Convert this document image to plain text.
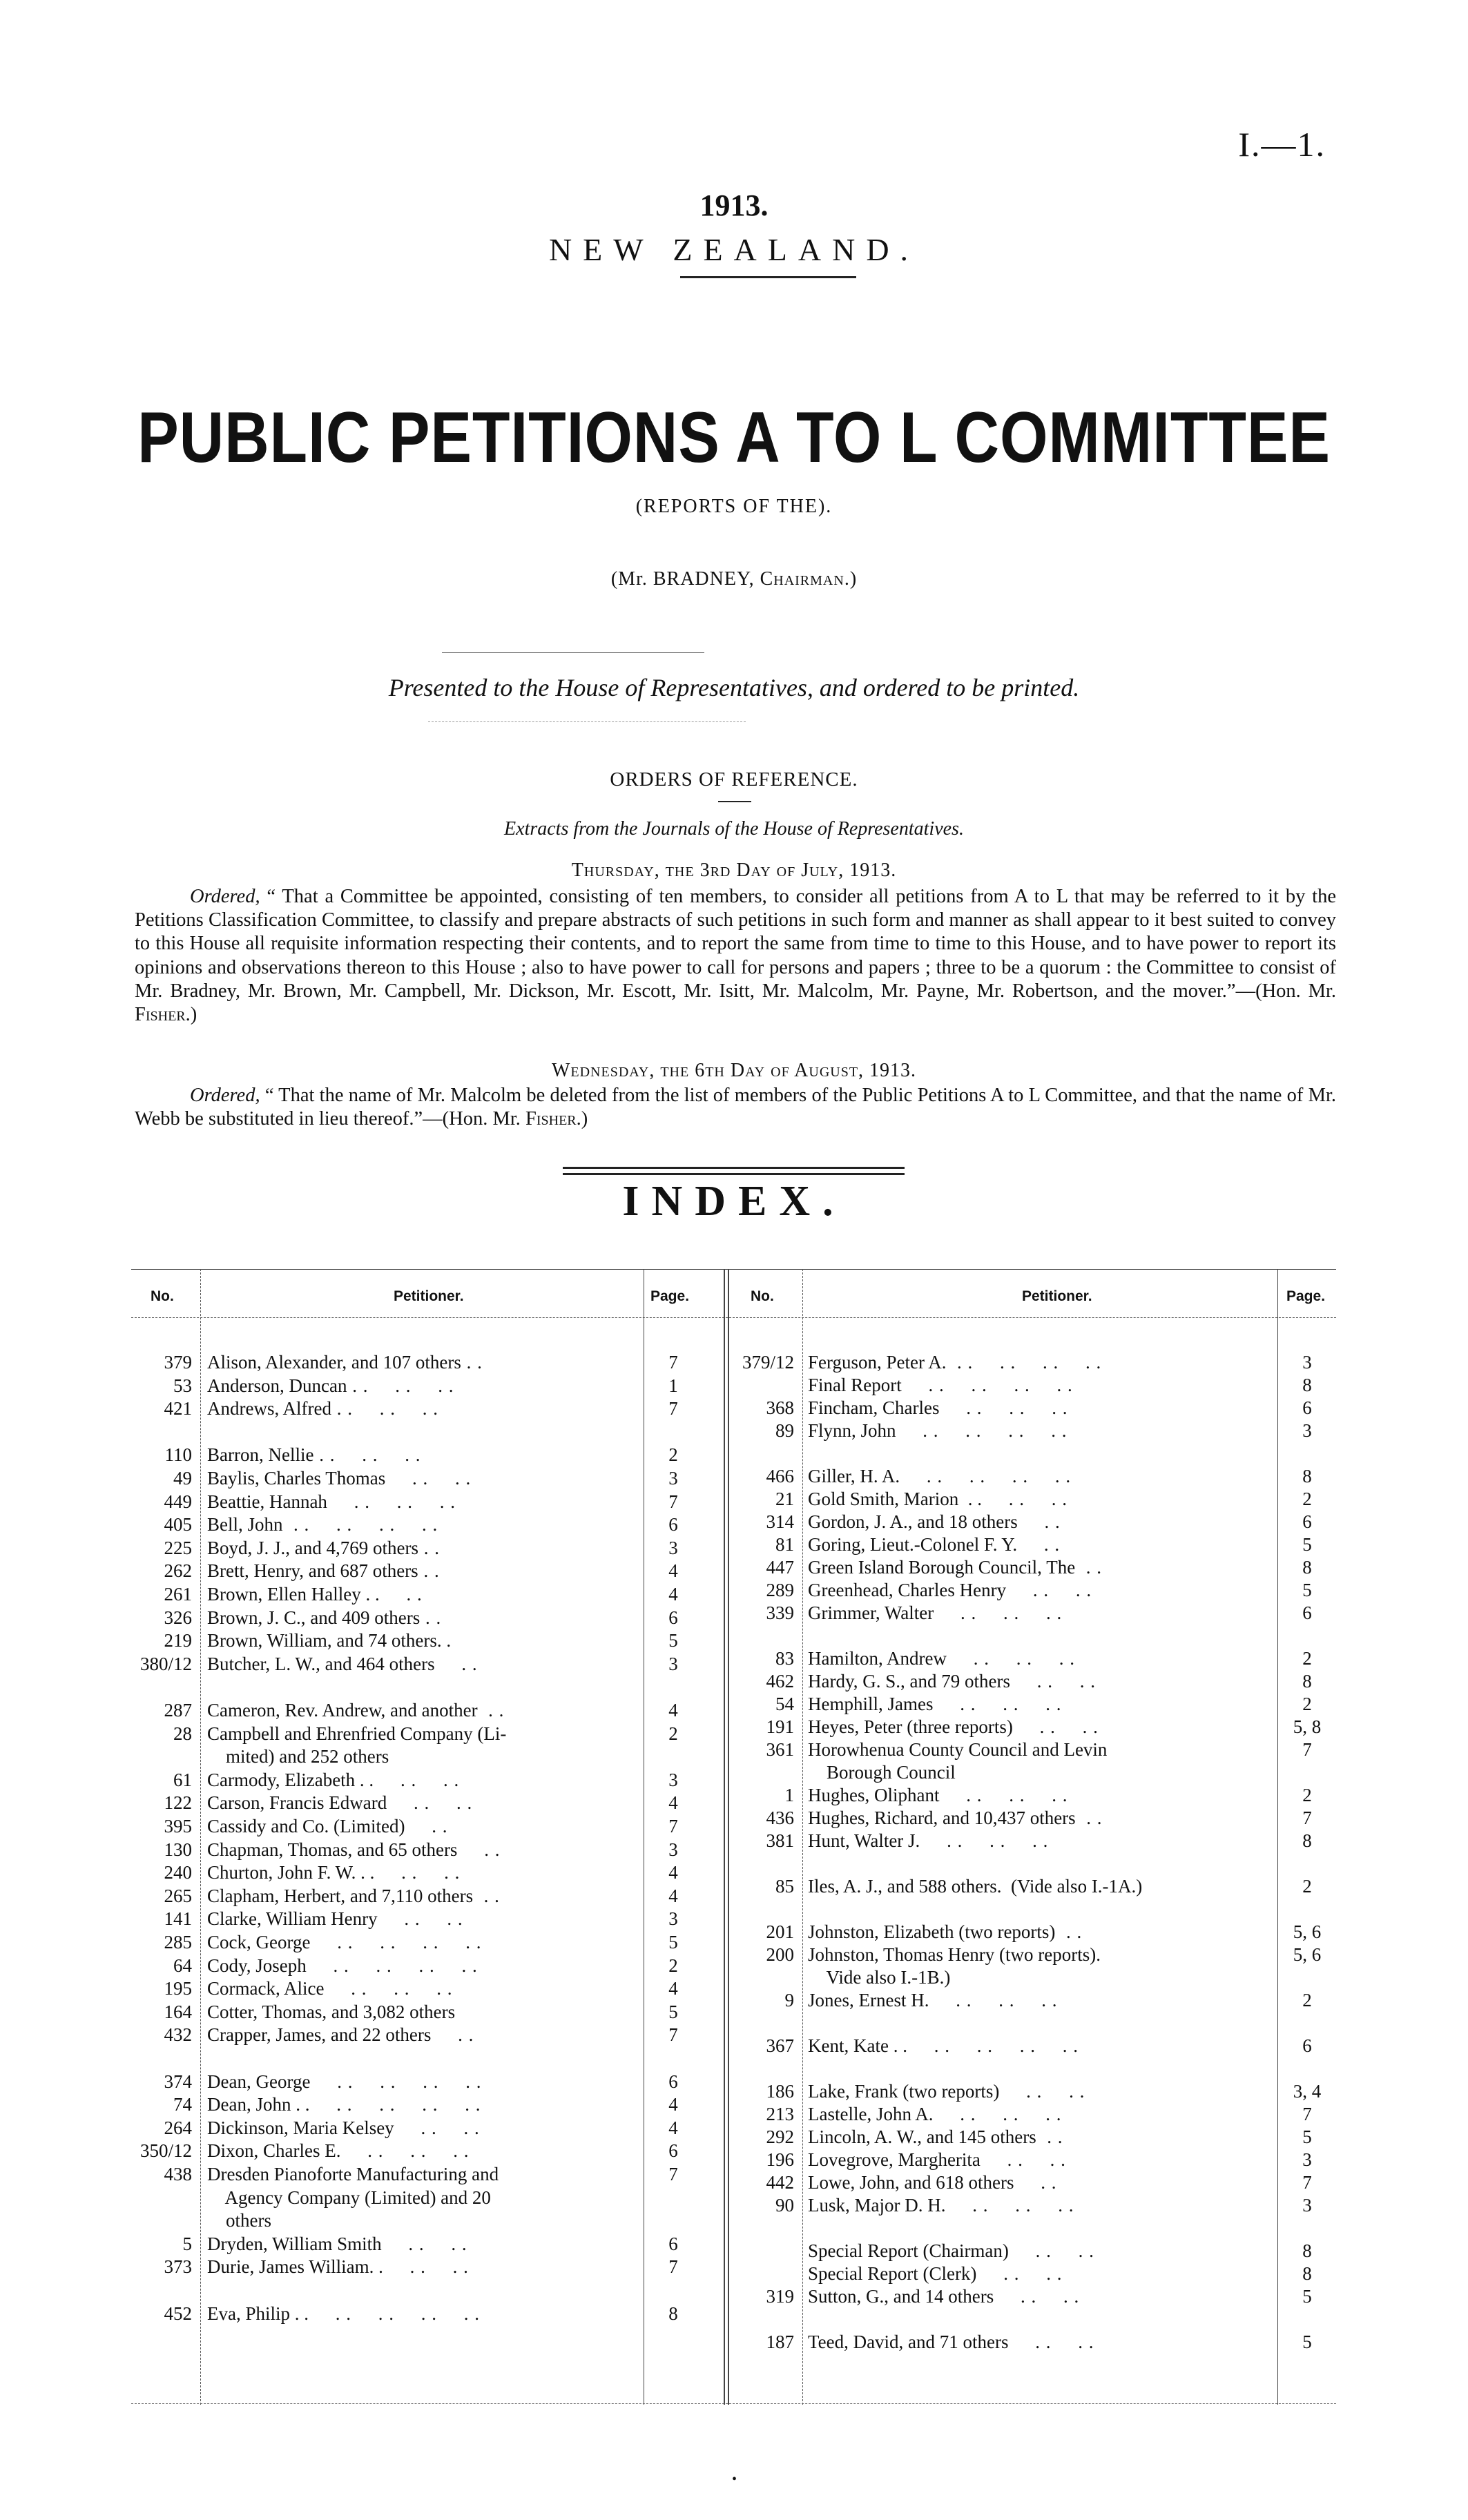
I.—1.
1913.
NEW ZEALAND.
PUBLIC PETITIONS A TO L COMMITTEE
(REPORTS OF THE).
(Mr. BRADNEY, Chairman.)
Presented to the House of Representatives, and ordered to be printed.
ORDERS OF REFERENCE.
Extracts from the Journals of the House of Representatives.
Thursday, the 3rd Day of July, 1913.
Ordered, “ That a Committee be appointed, consisting of ten members, to consider all petitions from A to L that may be referred to it by the Petitions Classification Committee, to classify and prepare abstracts of such petitions in such form and manner as shall appear to it best suited to convey to this House all requisite information respecting their contents, and to report the same from time to time to this House, and to have power to report its opinions and observations thereon to this House ; also to have power to call for persons and papers ; three to be a quorum : the Committee to consist of Mr. Bradney, Mr. Brown, Mr. Campbell, Mr. Dickson, Mr. Escott, Mr. Isitt, Mr. Malcolm, Mr. Payne, Mr. Robertson, and the mover.”—(Hon. Mr. Fisher.)
Wednesday, the 6th Day of August, 1913.
Ordered, “ That the name of Mr. Malcolm be deleted from the list of members of the Public Petitions A to L Committee, and that the name of Mr. Webb be substituted in lieu thereof.”—(Hon. Mr. Fisher.)
INDEX.
No.	Petitioner.	Page.	No.	Petitioner.	Page.
379 Alison, Alexander, and 107 others . .	7
53 Anderson, Duncan . .     . .     . .	1
421 Andrews, Alfred . .     . .     . .	7
110 Barron, Nellie . .     . .     . .	2
49 Baylis, Charles Thomas     . .     . .	3
449 Beattie, Hannah     . .     . .     . .	7
405 Bell, John  . .     . .     . .     . .	6
225 Boyd, J. J., and 4,769 others . .	3
262 Brett, Henry, and 687 others . .	4
261 Brown, Ellen Halley . .     . .	4
326 Brown, J. C., and 409 others . .	6
219 Brown, William, and 74 others. .	5
380/12 Butcher, L. W., and 464 others     . .	3
287 Cameron, Rev. Andrew, and another  . .	4
28 Campbell and Ehrenfried Company (Li-	2
mited) and 252 others
61 Carmody, Elizabeth . .     . .     . .	3
122 Carson, Francis Edward     . .     . .	4
395 Cassidy and Co. (Limited)     . .	7
130 Chapman, Thomas, and 65 others     . .	3
240 Churton, John F. W. . .     . .     . .	4
265 Clapham, Herbert, and 7,110 others  . .	4
141 Clarke, William Henry     . .     . .	3
285 Cock, George     . .     . .     . .     . .	5
64 Cody, Joseph     . .     . .     . .     . .	2
195 Cormack, Alice     . .     . .     . .	4
164 Cotter, Thomas, and 3,082 others	5
432 Crapper, James, and 22 others     . .	7
374 Dean, George     . .     . .     . .     . .	6
74 Dean, John . .     . .     . .     . .     . .	4
264 Dickinson, Maria Kelsey     . .     . .	4
350/12 Dixon, Charles E.     . .     . .     . .	6
438 Dresden Pianoforte Manufacturing and	7
Agency Company (Limited) and 20
others
5 Dryden, William Smith     . .     . .	6
373 Durie, James William. .     . .     . .	7
452 Eva, Philip . .     . .     . .     . .     . .	8
379/12 Ferguson, Peter A.  . .     . .     . .     . .	3
Final Report     . .     . .     . .     . .	8
368 Fincham, Charles     . .     . .     . .	6
89 Flynn, John     . .     . .     . .     . .	3
466 Giller, H. A.     . .     . .     . .     . .	8
21 Gold Smith, Marion  . .     . .     . .	2
314 Gordon, J. A., and 18 others     . .	6
81 Goring, Lieut.-Colonel F. Y.     . .	5
447 Green Island Borough Council, The  . .	8
289 Greenhead, Charles Henry     . .     . .	5
339 Grimmer, Walter     . .     . .     . .	6
83 Hamilton, Andrew     . .     . .     . .	2
462 Hardy, G. S., and 79 others     . .     . .	8
54 Hemphill, James     . .     . .     . .	2
191 Heyes, Peter (three reports)     . .     . .	5, 8
361 Horowhenua County Council and Levin	7
Borough Council
1 Hughes, Oliphant     . .     . .     . .	2
436 Hughes, Richard, and 10,437 others  . .	7
381 Hunt, Walter J.     . .     . .     . .	8
85 Iles, A. J., and 588 others.  (Vide also I.-1A.)	2
201 Johnston, Elizabeth (two reports)  . .	5, 6
200 Johnston, Thomas Henry (two reports).	5, 6
Vide also I.-1B.)
9 Jones, Ernest H.     . .     . .     . .	2
367 Kent, Kate . .     . .     . .     . .     . .	6
186 Lake, Frank (two reports)     . .     . .	3, 4
213 Lastelle, John A.     . .     . .     . .	7
292 Lincoln, A. W., and 145 others  . .	5
196 Lovegrove, Margherita     . .     . .	3
442 Lowe, John, and 618 others     . .	7
90 Lusk, Major D. H.     . .     . .     . .	3
Special Report (Chairman)     . .     . .	8
Special Report (Clerk)     . .     . .	8
319 Sutton, G., and 14 others     . .     . .	5
187 Teed, David, and 71 others     . .     . .	5
•
